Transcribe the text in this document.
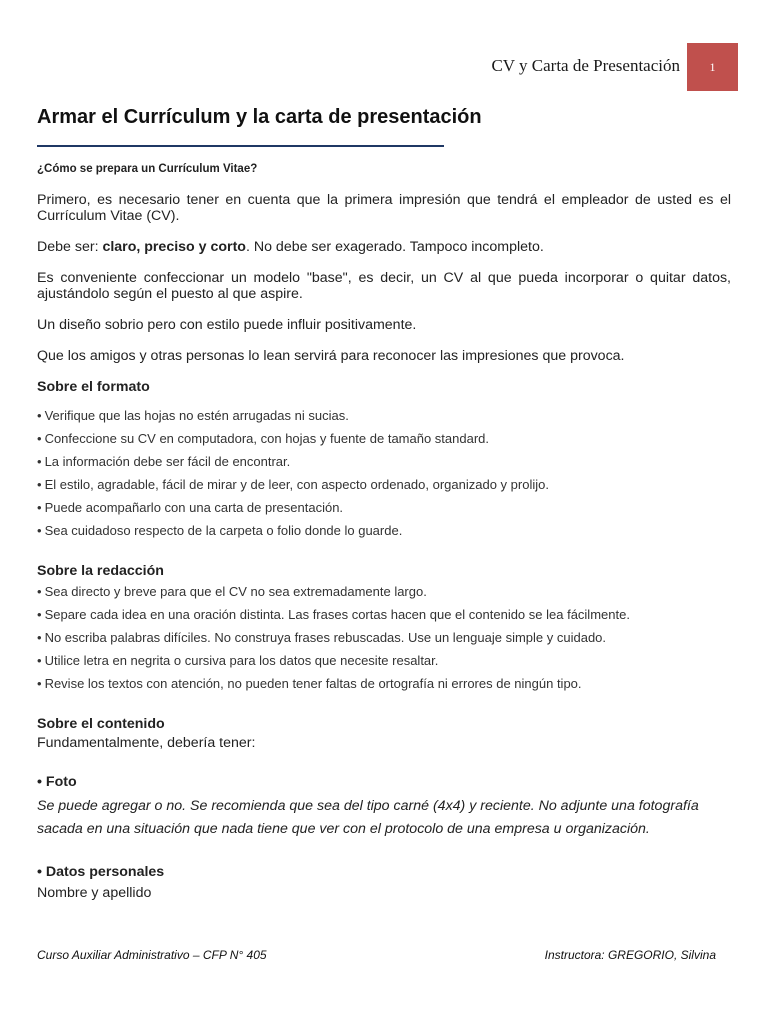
CV y Carta de Presentación	1
Armar el Currículum y la carta de presentación

¿Cómo se prepara un Currículum Vitae?

Primero, es necesario tener en cuenta que la primera impresión que tendrá el empleador de usted es el Currículum Vitae (CV).

Debe ser: claro, preciso y corto. No debe ser exagerado. Tampoco incompleto.

Es conveniente confeccionar un modelo "base", es decir, un CV al que pueda incorporar o quitar datos, ajustándolo según el puesto al que aspire.

Un diseño sobrio pero con estilo puede influir positivamente.

Que los amigos y otras personas lo lean servirá para reconocer las impresiones que provoca.

Sobre el formato
• Verifique que las hojas no estén arrugadas ni sucias.
• Confeccione su CV en computadora, con hojas y fuente de tamaño standard.
• La información debe ser fácil de encontrar.
• El estilo, agradable, fácil de mirar y de leer, con aspecto ordenado, organizado y prolijo.
• Puede acompañarlo con una carta de presentación.
• Sea cuidadoso respecto de la carpeta o folio donde lo guarde.
Sobre la redacción
• Sea directo y breve para que el CV no sea extremadamente largo.
• Separe cada idea en una oración distinta. Las frases cortas hacen que el contenido se lea fácilmente.
• No escriba palabras difíciles. No construya frases rebuscadas. Use un lenguaje simple y cuidado.
• Utilice letra en negrita o cursiva para los datos que necesite resaltar.
• Revise los textos con atención, no pueden tener faltas de ortografía ni errores de ningún tipo.
Sobre el contenido

Fundamentalmente, debería tener:

• Foto

Se puede agregar o no. Se recomienda que sea del tipo carné (4x4) y reciente. No adjunte una fotografía sacada en una situación que nada tiene que ver con el protocolo de una empresa u organización.

• Datos personales

Nombre y apellido

Curso Auxiliar Administrativo – CFP N° 405	Instructora: GREGORIO, Silvina
